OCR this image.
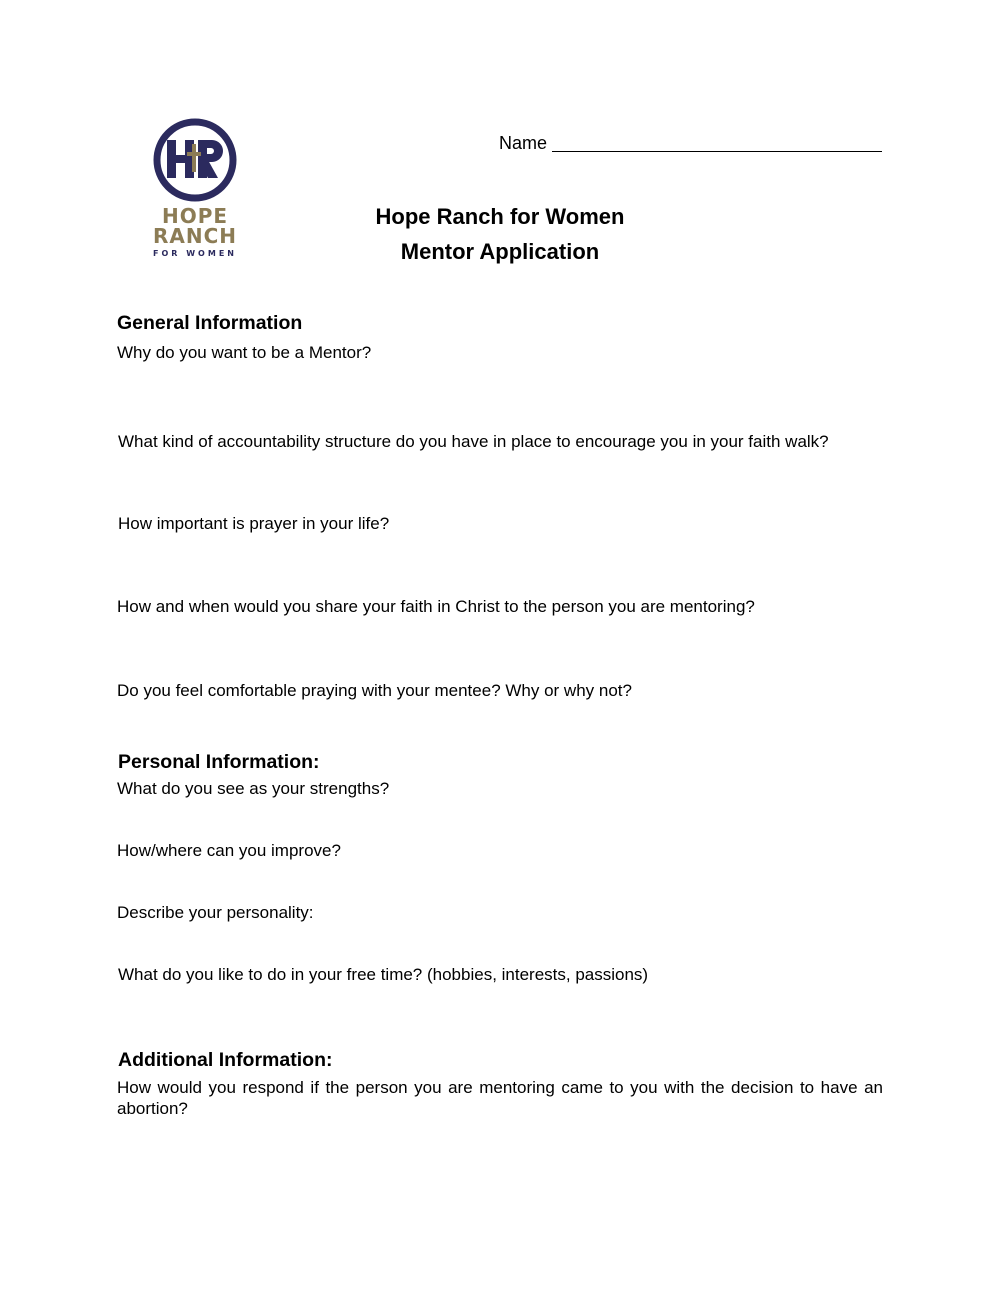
HOPE
RANCH
FOR WOMEN
Name
Hope Ranch for Women
Mentor Application
General Information
Why do you want to be a Mentor?
What kind of accountability structure do you have in place to encourage you in your faith walk?
How important is prayer in your life?
How and when would you share your faith in Christ to the person you are mentoring?
Do you feel comfortable praying with your mentee? Why or why not?
Personal Information:
What do you see as your strengths?
How/where can you improve?
Describe your personality:
What do you like to do in your free time? (hobbies, interests, passions)
Additional Information:
How would you respond if the person you are mentoring came to you with the decision to have an abortion?
